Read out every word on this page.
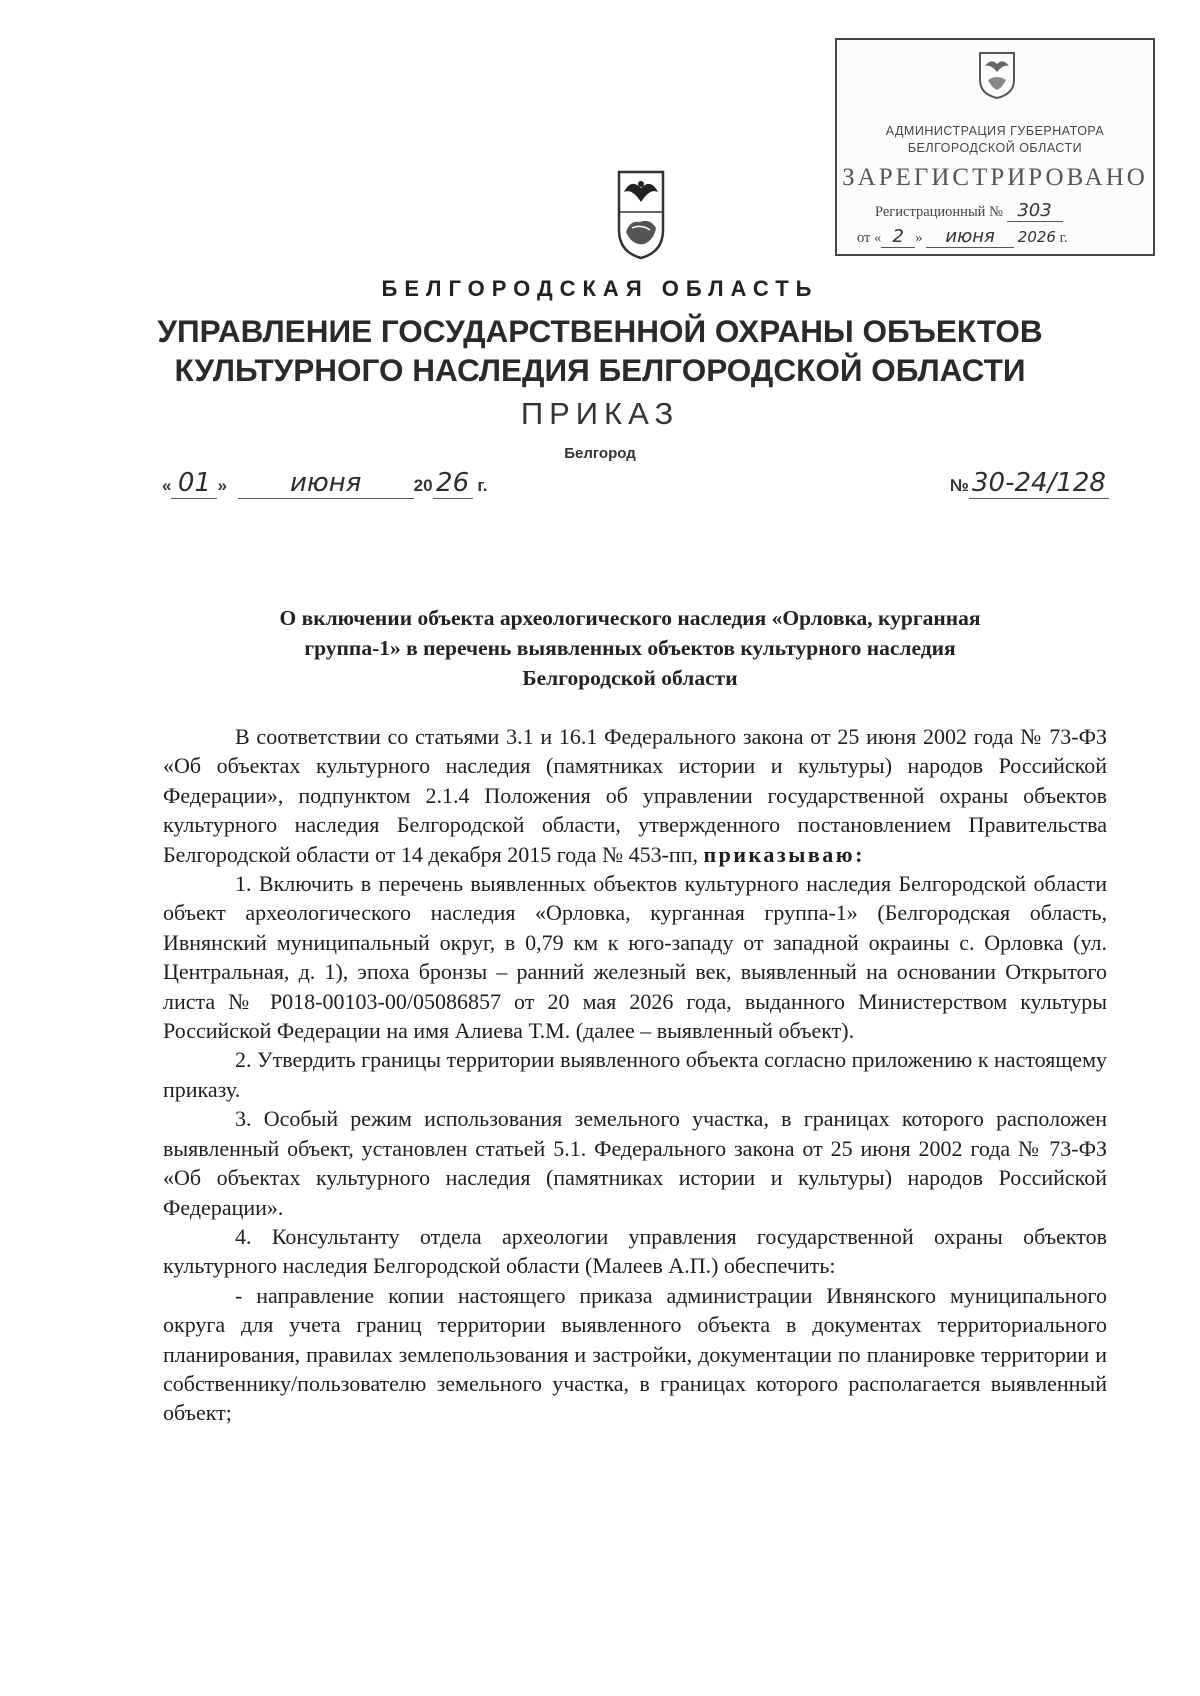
АДМИНИСТРАЦИЯ ГУБЕРНАТОРА
БЕЛГОРОДСКОЙ ОБЛАСТИ
ЗАРЕГИСТРИРОВАНО
Регистрационный № 303
от « 2 » июня 2026 г.
БЕЛГОРОДСКАЯ ОБЛАСТЬ
УПРАВЛЕНИЕ ГОСУДАРСТВЕННОЙ ОХРАНЫ ОБЪЕКТОВ
КУЛЬТУРНОГО НАСЛЕДИЯ БЕЛГОРОДСКОЙ ОБЛАСТИ
ПРИКАЗ
Белгород
« 01 » июня	20 26 г.	№ 30-24/128
О включении объекта археологического наследия «Орловка, курганная
группа-1» в перечень выявленных объектов культурного наследия
Белгородской области

В соответствии со статьями 3.1 и 16.1 Федерального закона от 25 июня 2002 года № 73-ФЗ «Об объектах культурного наследия (памятниках истории и культуры) народов Российской Федерации», подпунктом 2.1.4 Положения об управлении государственной охраны объектов культурного наследия Белгородской области, утвержденного постановлением Правительства Белгородской области от 14 декабря 2015 года № 453-пп, приказываю:

1. Включить в перечень выявленных объектов культурного наследия Белгородской области объект археологического наследия «Орловка, курганная группа-1» (Белгородская область, Ивнянский муниципальный округ, в 0,79 км к юго-западу от западной окраины с. Орловка (ул. Центральная, д. 1), эпоха бронзы – ранний железный век, выявленный на основании Открытого листа № Р018-00103-00/05086857 от 20 мая 2026 года, выданного Министерством культуры Российской Федерации на имя Алиева Т.М. (далее – выявленный объект).

2. Утвердить границы территории выявленного объекта согласно приложению к настоящему приказу.

3. Особый режим использования земельного участка, в границах которого расположен выявленный объект, установлен статьей 5.1. Федерального закона от 25 июня 2002 года № 73-ФЗ «Об объектах культурного наследия (памятниках истории и культуры) народов Российской Федерации».

4. Консультанту отдела археологии управления государственной охраны объектов культурного наследия Белгородской области (Малеев А.П.) обеспечить:

- направление копии настоящего приказа администрации Ивнянского муниципального округа для учета границ территории выявленного объекта в документах территориального планирования, правилах землепользования и застройки, документации по планировке территории и собственнику/пользователю земельного участка, в границах которого располагается выявленный объект;
